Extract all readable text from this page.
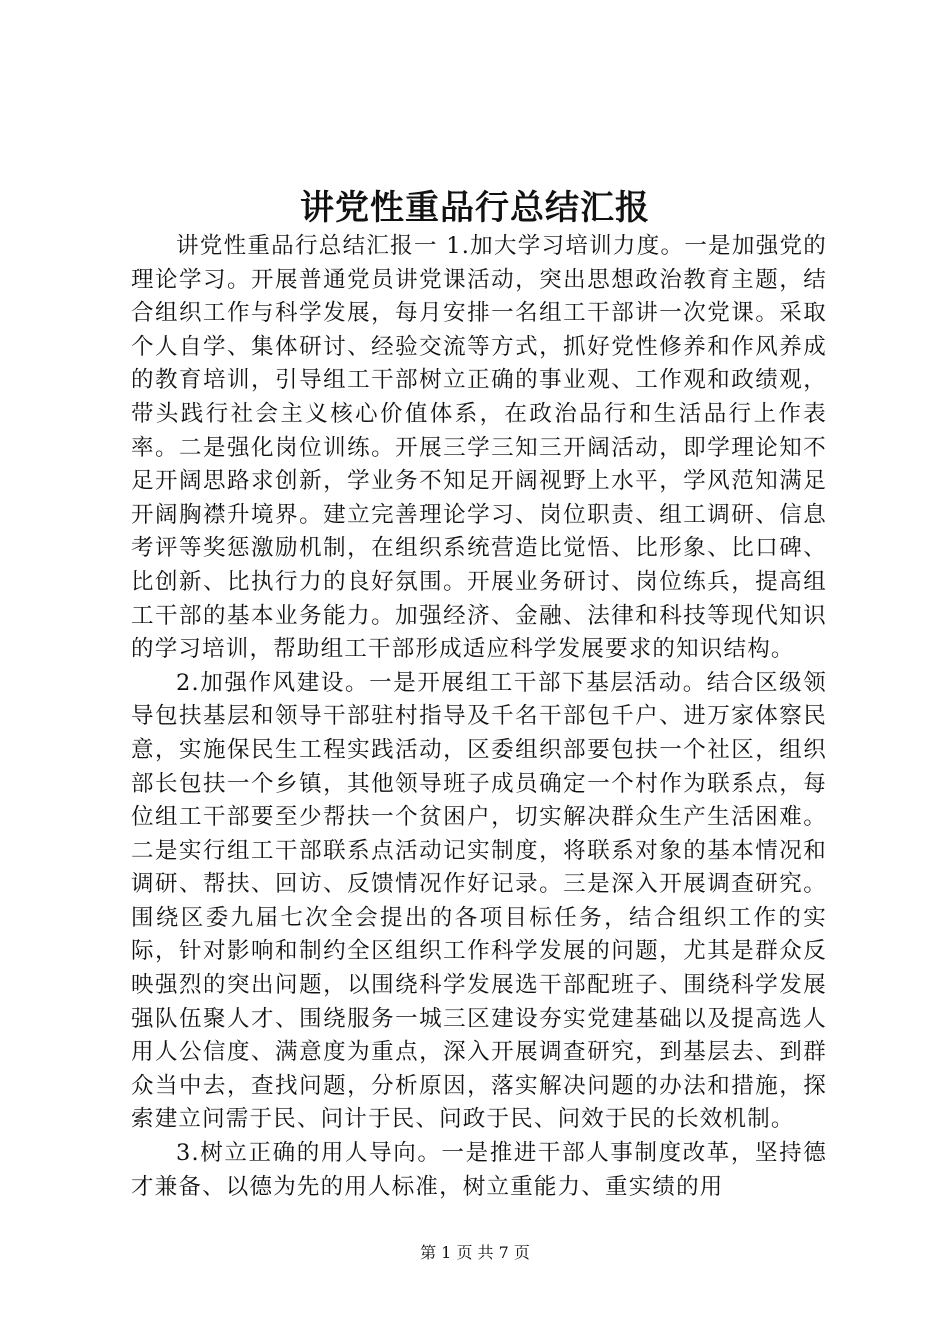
讲党性重品行总结汇报

讲党性重品行总结汇报一 1.加大学习培训力度。一是加强党的理论学习。开展普通党员讲党课活动，突出思想政治教育主题，结合组织工作与科学发展，每月安排一名组工干部讲一次党课。采取个人自学、集体研讨、经验交流等方式，抓好党性修养和作风养成的教育培训，引导组工干部树立正确的事业观、工作观和政绩观，带头践行社会主义核心价值体系，在政治品行和生活品行上作表率。二是强化岗位训练。开展三学三知三开阔活动，即学理论知不足开阔思路求创新，学业务不知足开阔视野上水平，学风范知满足开阔胸襟升境界。建立完善理论学习、岗位职责、组工调研、信息考评等奖惩激励机制，在组织系统营造比觉悟、比形象、比口碑、比创新、比执行力的良好氛围。开展业务研讨、岗位练兵，提高组工干部的基本业务能力。加强经济、金融、法律和科技等现代知识的学习培训，帮助组工干部形成适应科学发展要求的知识结构。

2.加强作风建设。一是开展组工干部下基层活动。结合区级领导包扶基层和领导干部驻村指导及千名干部包千户、进万家体察民意，实施保民生工程实践活动，区委组织部要包扶一个社区，组织部长包扶一个乡镇，其他领导班子成员确定一个村作为联系点，每位组工干部要至少帮扶一个贫困户，切实解决群众生产生活困难。二是实行组工干部联系点活动记实制度，将联系对象的基本情况和调研、帮扶、回访、反馈情况作好记录。三是深入开展调查研究。围绕区委九届七次全会提出的各项目标任务，结合组织工作的实际，针对影响和制约全区组织工作科学发展的问题，尤其是群众反映强烈的突出问题，以围绕科学发展选干部配班子、围绕科学发展强队伍聚人才、围绕服务一城三区建设夯实党建基础以及提高选人用人公信度、满意度为重点，深入开展调查研究，到基层去、到群众当中去，查找问题，分析原因，落实解决问题的办法和措施，探索建立问需于民、问计于民、问政于民、问效于民的长效机制。

3.树立正确的用人导向。一是推进干部人事制度改革，坚持德才兼备、以德为先的用人标准，树立重能力、重实绩的用

第 1 页 共 7 页
